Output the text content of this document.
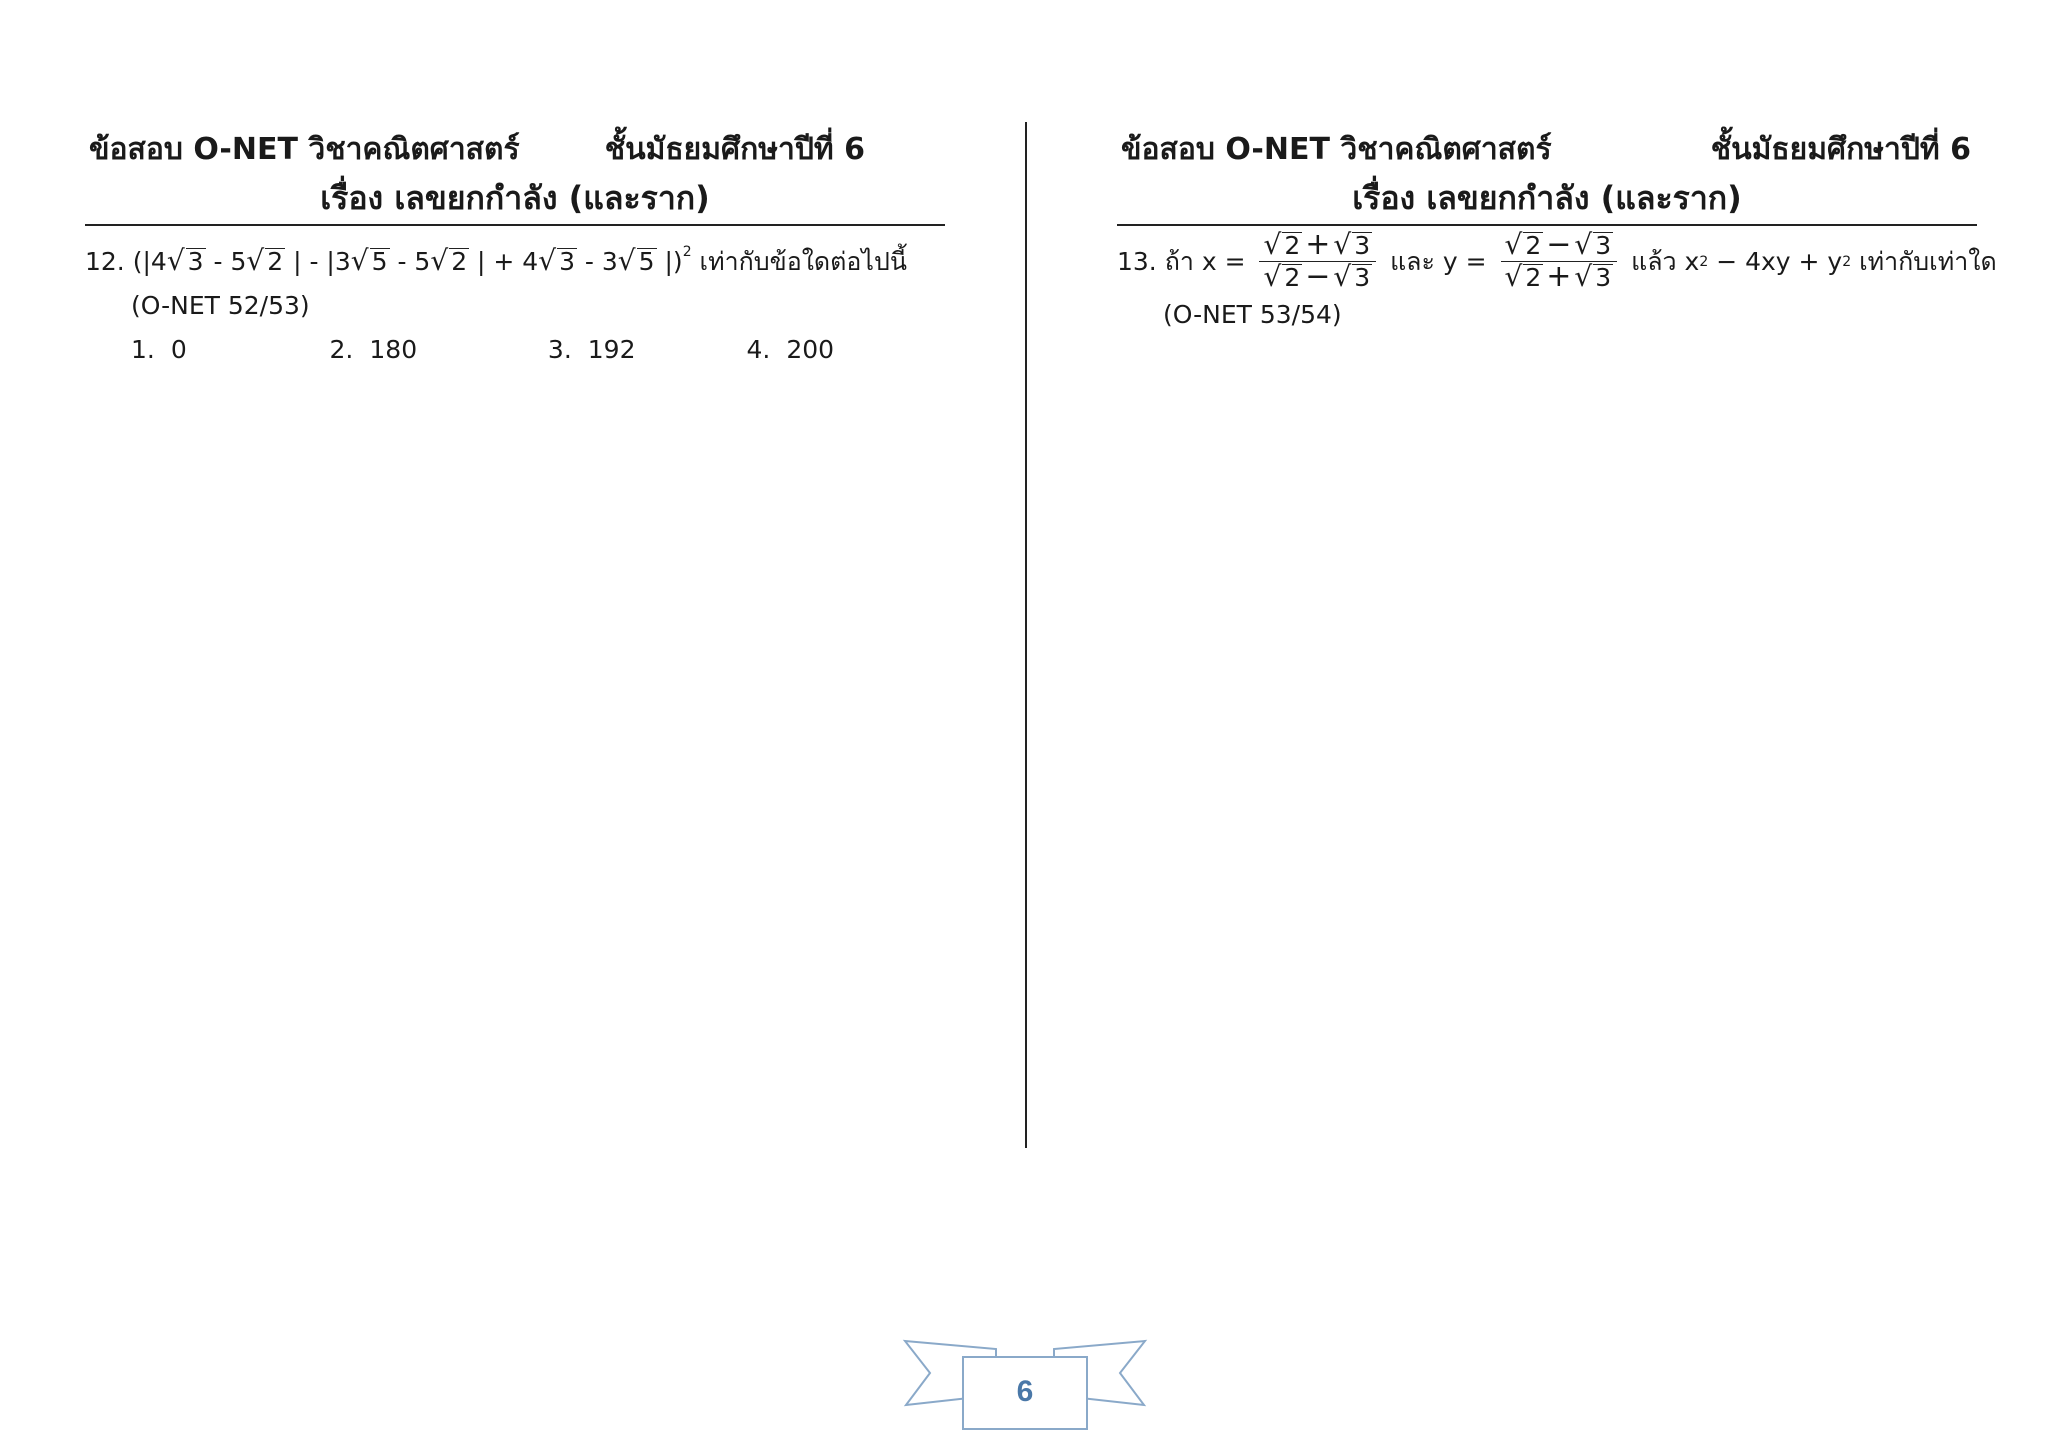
ข้อสอบ O-NET วิชาคณิตศาสตร์	ชั้นมัธยมศึกษาปีที่ 6
เรื่อง เลขยกกำลัง (และราก)
12. (|4√ 3 - 5√ 2 | - |3√ 5 - 5√ 2 | + 4√ 3 - 3√ 5 |)$^2$ เท่ากับข้อใดต่อไปนี้
(O-NET 52/53)
1. 0	2. 180	3. 192	4. 200
ข้อสอบ O-NET วิชาคณิตศาสตร์	ชั้นมัธยมศึกษาปีที่ 6
เรื่อง เลขยกกำลัง (และราก)
13. ถ้า $x = \frac{√ 2 + √ 3}{√ 2 - √ 3}$ และ $y = \frac{√ 2 - √ 3}{√ 2 + √ 3}$ แล้ว x 2 − 4xy + y 2 เท่ากับเท่าใด
(O-NET 53/54)
6
